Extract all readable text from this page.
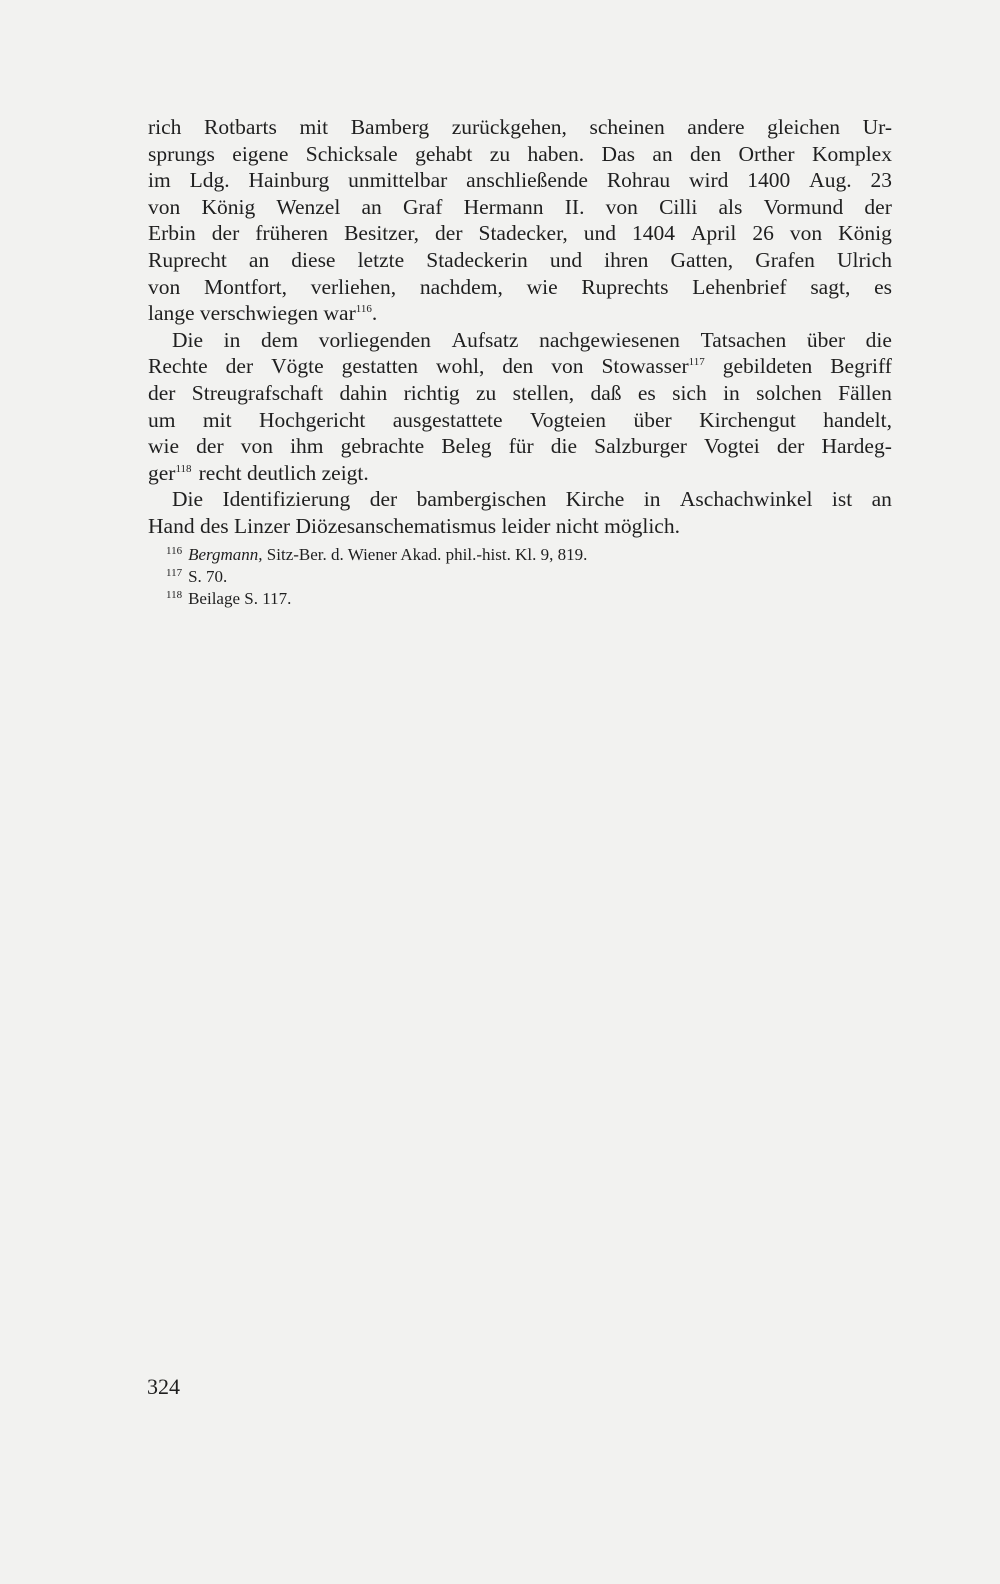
rich Rotbarts mit Bamberg zurückgehen, scheinen andere gleichen Ur-
sprungs eigene Schicksale gehabt zu haben. Das an den Orther Komplex
im Ldg. Hainburg unmittelbar anschließende Rohrau wird 1400 Aug. 23
von König Wenzel an Graf Hermann II. von Cilli als Vormund der
Erbin der früheren Besitzer, der Stadecker, und 1404 April 26 von König
Ruprecht an diese letzte Stadeckerin und ihren Gatten, Grafen Ulrich
von Montfort, verliehen, nachdem, wie Ruprechts Lehenbrief sagt, es
lange verschwiegen war $^{116}$.
Die in dem vorliegenden Aufsatz nachgewiesenen Tatsachen über die
Rechte der Vögte gestatten wohl, den von Stowasser$^{117}$ gebildeten Begriff
der Streugrafschaft dahin richtig zu stellen, daß es sich in solchen Fällen
um mit Hochgericht ausgestattete Vogteien über Kirchengut handelt,
wie der von ihm gebrachte Beleg für die Salzburger Vogtei der Hardeg-
ger$^{118}$ recht deutlich zeigt.
Die Identifizierung der bambergischen Kirche in Aschachwinkel ist an
Hand des Linzer Diözesanschematismus leider nicht möglich.
$^{116}$ Bergmann, Sitz-Ber. d. Wiener Akad. phil.-hist. Kl. 9, 819.
$^{117}$ S. 70.
$^{118}$ Beilage S. 117.
324
